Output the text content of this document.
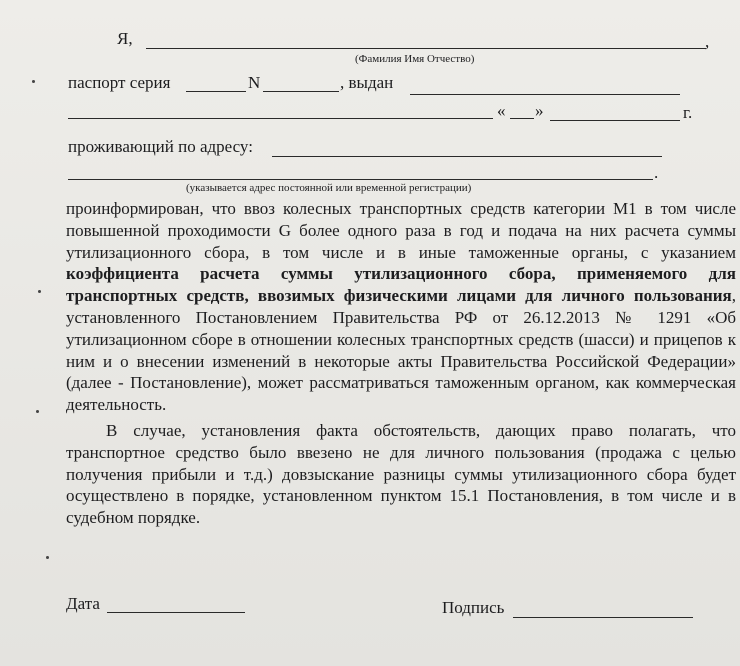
Я,	,
(Фамилия Имя Отчество)
паспорт серия	N	, выдан
« »	г.
проживающий по адресу:
.
(указывается адрес постоянной или временной регистрации)
проинформирован, что ввоз колесных транспортных средств категории М1 в том числе повышенной проходимости G более одного раза в год и подача на них расчета суммы утилизационного сбора, в том числе и в иные таможенные органы, с указанием коэффициента расчета суммы утилизационного сбора, применяемого для транспортных средств, ввозимых физическими лицами для личного пользования, установленного Постановлением Правительства РФ от 26.12.2013 № 1291 «Об утилизационном сборе в отношении колесных транспортных средств (шасси) и прицепов к ним и о внесении изменений в некоторые акты Правительства Российской Федерации» (далее - Постановление), может рассматриваться таможенным органом, как коммерческая деятельность.
В случае, установления факта обстоятельств, дающих право полагать, что транспортное средство было ввезено не для личного пользования (продажа с целью получения прибыли и т.д.) довзыскание разницы суммы утилизационного сбора будет осуществлено в порядке, установленном пунктом 15.1 Постановления, в том числе и в судебном порядке.
Дата	Подпись
